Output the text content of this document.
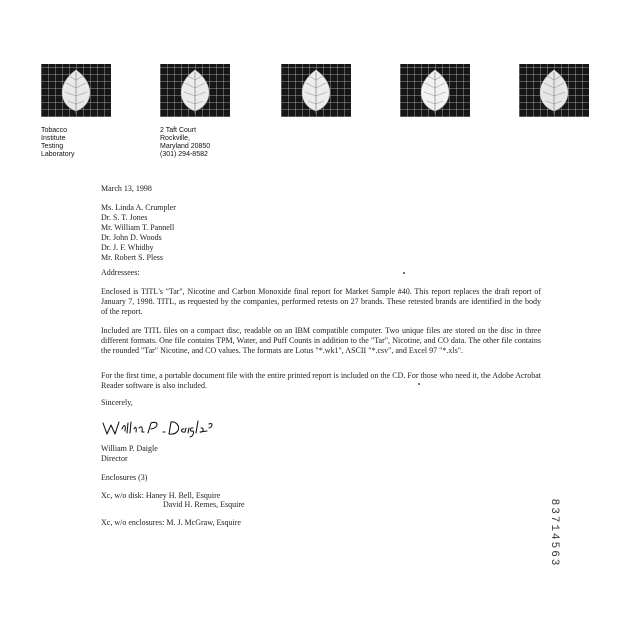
Tobacco
Institute
Testing
Laboratory
2 Taft Court
Rockville,
Maryland 20850
(301) 294-8582
March 13, 1998
Ms. Linda A. Crumpler
Dr. S. T. Jones
Mr. William T. Pannell
Dr. John D. Woods
Dr. J. F. Whidby
Mr. Robert S. Pless
Addressees:
Enclosed is TITL's "Tar", Nicotine and Carbon Monoxide final report for Market Sample #40. This report replaces the draft report of January 7, 1998. TITL, as requested by the companies, performed retests on 27 brands. These retested brands are identified in the body of the report.
Included are TITL files on a compact disc, readable on an IBM compatible computer. Two unique files are stored on the disc in three different formats. One file contains TPM, Water, and Puff Counts in addition to the "Tar", Nicotine, and CO data. The other file contains the rounded "Tar" Nicotine, and CO values. The formats are Lotus "*.wk1", ASCII "*.csv", and Excel 97 "*.xls".
For the first time, a portable document file with the entire printed report is included on the CD. For those who need it, the Adobe Acrobat Reader software is also included.
Sincerely,
William P. Daigle
Director
Enclosures (3)
Xc, w/o disk: Haney H. Bell, Esquire
David H. Remes, Esquire
Xc, w/o enclosures: M. J. McGraw, Esquire	83714563
